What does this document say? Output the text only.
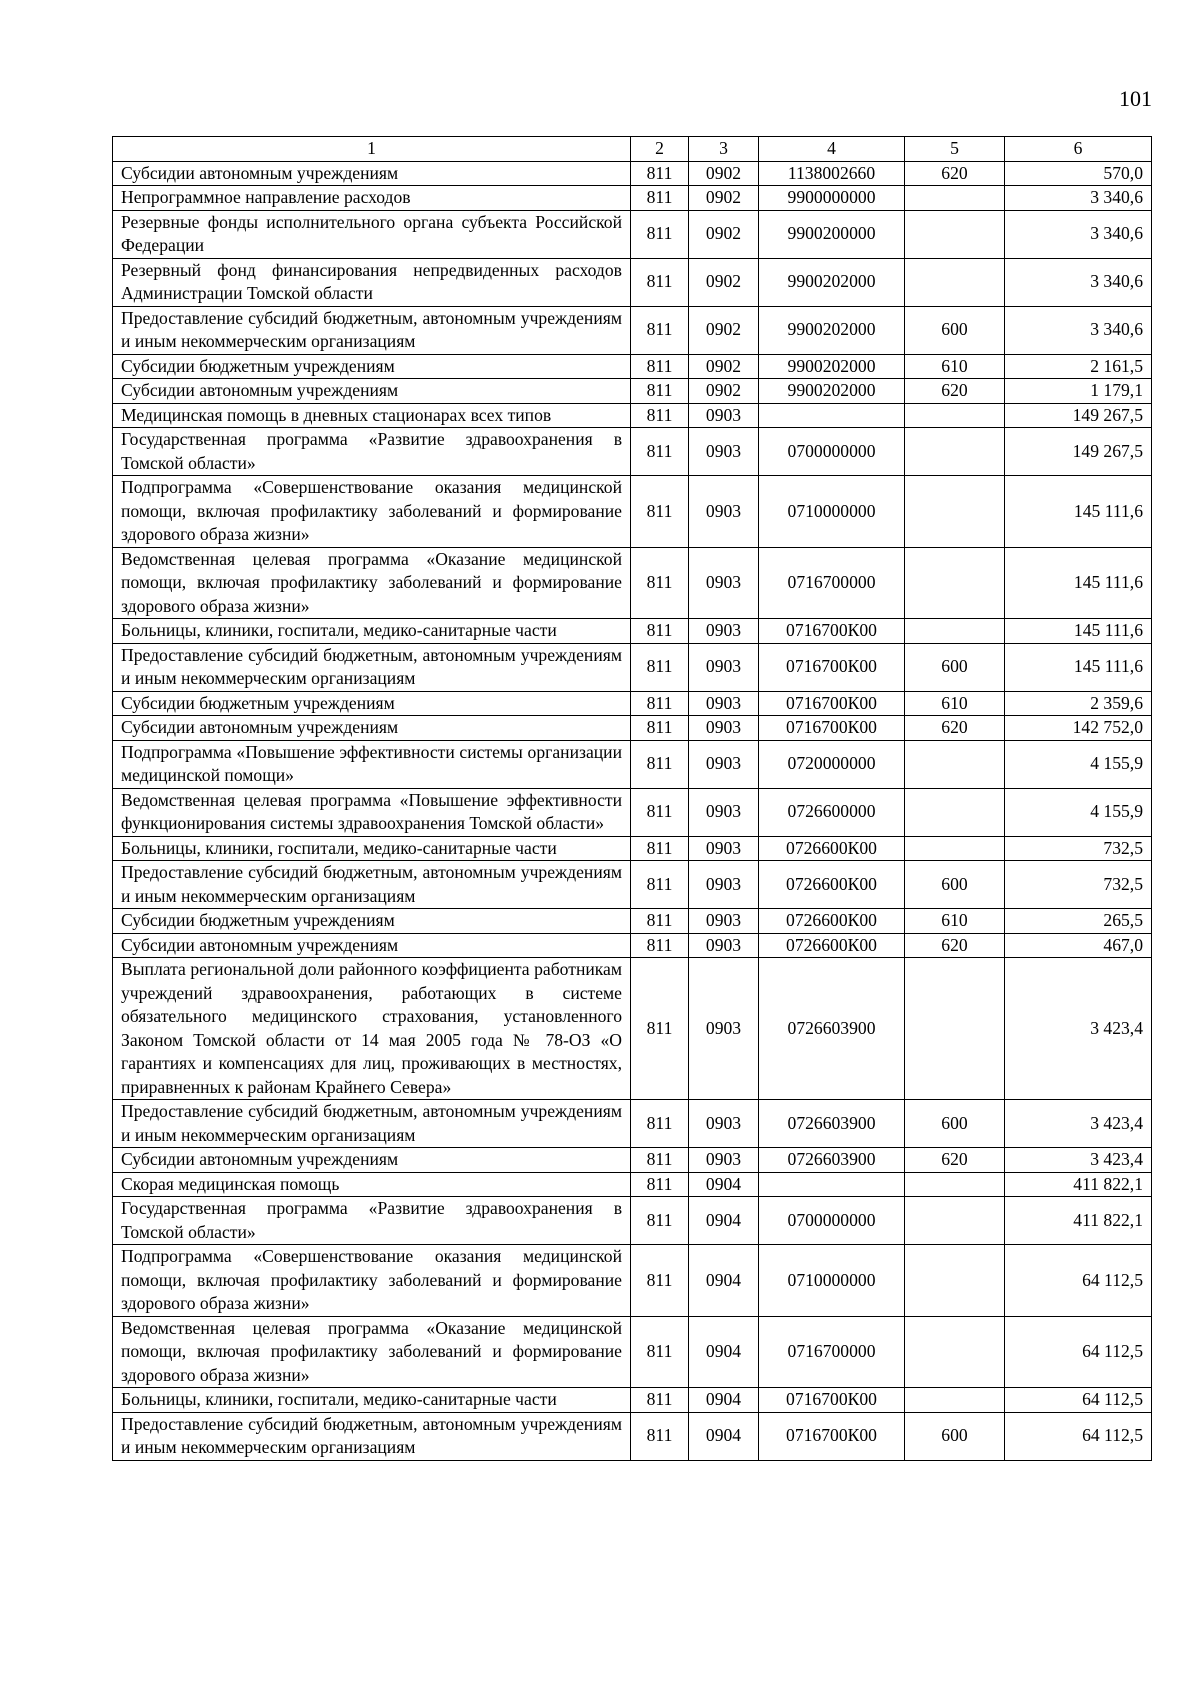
101
1	2	3	4	5	6
Субсидии автономным учреждениям	811	0902	1138002660	620	570,0
Непрограммное направление расходов	811	0902	9900000000		3 340,6
Резервные фонды исполнительного органа субъекта Российской Федерации	811	0902	9900200000		3 340,6
Резервный фонд финансирования непредвиденных расходов Администрации Томской области	811	0902	9900202000		3 340,6
Предоставление субсидий бюджетным, автономным учреждениям и иным некоммерческим организациям	811	0902	9900202000	600	3 340,6
Субсидии бюджетным учреждениям	811	0902	9900202000	610	2 161,5
Субсидии автономным учреждениям	811	0902	9900202000	620	1 179,1
Медицинская помощь в дневных стационарах всех типов	811	0903			149 267,5
Государственная программа «Развитие здравоохранения в Томской области»	811	0903	0700000000		149 267,5
Подпрограмма «Совершенствование оказания медицинской помощи, включая профилактику заболеваний и формирование здорового образа жизни»	811	0903	0710000000		145 111,6
Ведомственная целевая программа «Оказание медицинской помощи, включая профилактику заболеваний и формирование здорового образа жизни»	811	0903	0716700000		145 111,6
Больницы, клиники, госпитали, медико-санитарные части	811	0903	0716700К00		145 111,6
Предоставление субсидий бюджетным, автономным учреждениям и иным некоммерческим организациям	811	0903	0716700К00	600	145 111,6
Субсидии бюджетным учреждениям	811	0903	0716700К00	610	2 359,6
Субсидии автономным учреждениям	811	0903	0716700К00	620	142 752,0
Подпрограмма «Повышение эффективности системы организации медицинской помощи»	811	0903	0720000000		4 155,9
Ведомственная целевая программа «Повышение эффективности функционирования системы здравоохранения Томской области»	811	0903	0726600000		4 155,9
Больницы, клиники, госпитали, медико-санитарные части	811	0903	0726600К00		732,5
Предоставление субсидий бюджетным, автономным учреждениям и иным некоммерческим организациям	811	0903	0726600К00	600	732,5
Субсидии бюджетным учреждениям	811	0903	0726600К00	610	265,5
Субсидии автономным учреждениям	811	0903	0726600К00	620	467,0
Выплата региональной доли районного коэффициента работникам учреждений здравоохранения, работающих в системе обязательного медицинского страхования, установленного Законом Томской области от 14 мая 2005 года № 78-ОЗ «О гарантиях и компенсациях для лиц, проживающих в местностях, приравненных к районам Крайнего Севера»	811	0903	0726603900		3 423,4
Предоставление субсидий бюджетным, автономным учреждениям и иным некоммерческим организациям	811	0903	0726603900	600	3 423,4
Субсидии автономным учреждениям	811	0903	0726603900	620	3 423,4
Скорая медицинская помощь	811	0904			411 822,1
Государственная программа «Развитие здравоохранения в Томской области»	811	0904	0700000000		411 822,1
Подпрограмма «Совершенствование оказания медицинской помощи, включая профилактику заболеваний и формирование здорового образа жизни»	811	0904	0710000000		64 112,5
Ведомственная целевая программа «Оказание медицинской помощи, включая профилактику заболеваний и формирование здорового образа жизни»	811	0904	0716700000		64 112,5
Больницы, клиники, госпитали, медико-санитарные части	811	0904	0716700К00		64 112,5
Предоставление субсидий бюджетным, автономным учреждениям и иным некоммерческим организациям	811	0904	0716700К00	600	64 112,5
